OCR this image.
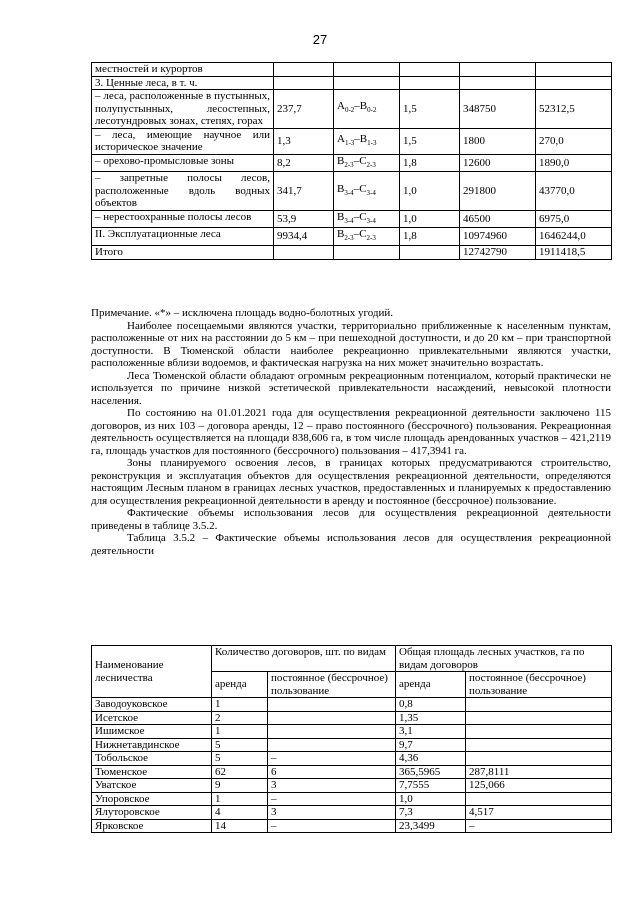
27
местностей и курортов					
3. Ценные леса, в т. ч.					
– леса, расположенные в пустынных, полупустынных, лесостепных, лесотундровых зонах, степях, горах	237,7	$А_{0-2}-В_{0-2}$	1,5	348750	52312,5
– леса, имеющие научное или историческое значение	1,3	$А_{1-3}-В_{1-3}$	1,5	1800	270,0
– орехово-промысловые зоны	8,2	$В_{2-3}-С_{2-3}$	1,8	12600	1890,0
– запретные полосы лесов, расположенные вдоль водных объектов	341,7	$В_{3-4}-С_{3-4}$	1,0	291800	43770,0
– нерестоохранные полосы лесов	53,9	$В_{3-4}-С_{3-4}$	1,0	46500	6975,0
II. Эксплуатационные леса	9934,4	$В_{2-3}-С_{2-3}$	1,8	10974960	1646244,0
Итого				12742790	1911418,5

Примечание. «*» – исключена площадь водно-болотных угодий.

Наиболее посещаемыми являются участки, территориально приближенные к населенным пунктам, расположенные от них на расстоянии до 5 км – при пешеходной доступности, и до 20 км – при транспортной доступности. В Тюменской области наиболее рекреационно привлекательными являются участки, расположенные вблизи водоемов, и фактическая нагрузка на них может значительно возрастать.

Леса Тюменской области обладают огромным рекреационным потенциалом, который практически не используется по причине низкой эстетической привлекательности насаждений, невысокой плотности населения.

По состоянию на 01.01.2021 года для осуществления рекреационной деятельности заключено 115 договоров, из них 103 – договора аренды, 12 – право постоянного (бессрочного) пользования. Рекреационная деятельность осуществляется на площади 838,606 га, в том числе площадь арендованных участков – 421,2119 га, площадь участков для постоянного (бессрочного) пользования – 417,3941 га.

Зоны планируемого освоения лесов, в границах которых предусматриваются строительство, реконструкция и эксплуатация объектов для осуществления рекреационной деятельности, определяются настоящим Лесным планом в границах лесных участков, предоставленных и планируемых к предоставлению для осуществления рекреационной деятельности в аренду и постоянное (бессрочное) пользование.

Фактические объемы использования лесов для осуществления рекреационной деятельности приведены в таблице 3.5.2.

Таблица 3.5.2 – Фактические объемы использования лесов для осуществления рекреационной деятельности

Наименование лесничества	Количество договоров, шт. по видам		Общая площадь лесных участков, га по видам договоров	
	аренда	постоянное (бессрочное) пользование	аренда	постоянное (бессрочное) пользование
Заводоуковское	1		0,8	
Исетское	2		1,35	
Ишимское	1		3,1	
Нижнетавдинское	5		9,7	
Тобольское	5	–	4,36	
Тюменское	62	6	365,5965	287,8111
Уватское	9	3	7,7555	125,066
Упоровское	1	–	1,0	
Ялуторовское	4	3	7,3	4,517
Ярковское	14	–	23,3499	–
